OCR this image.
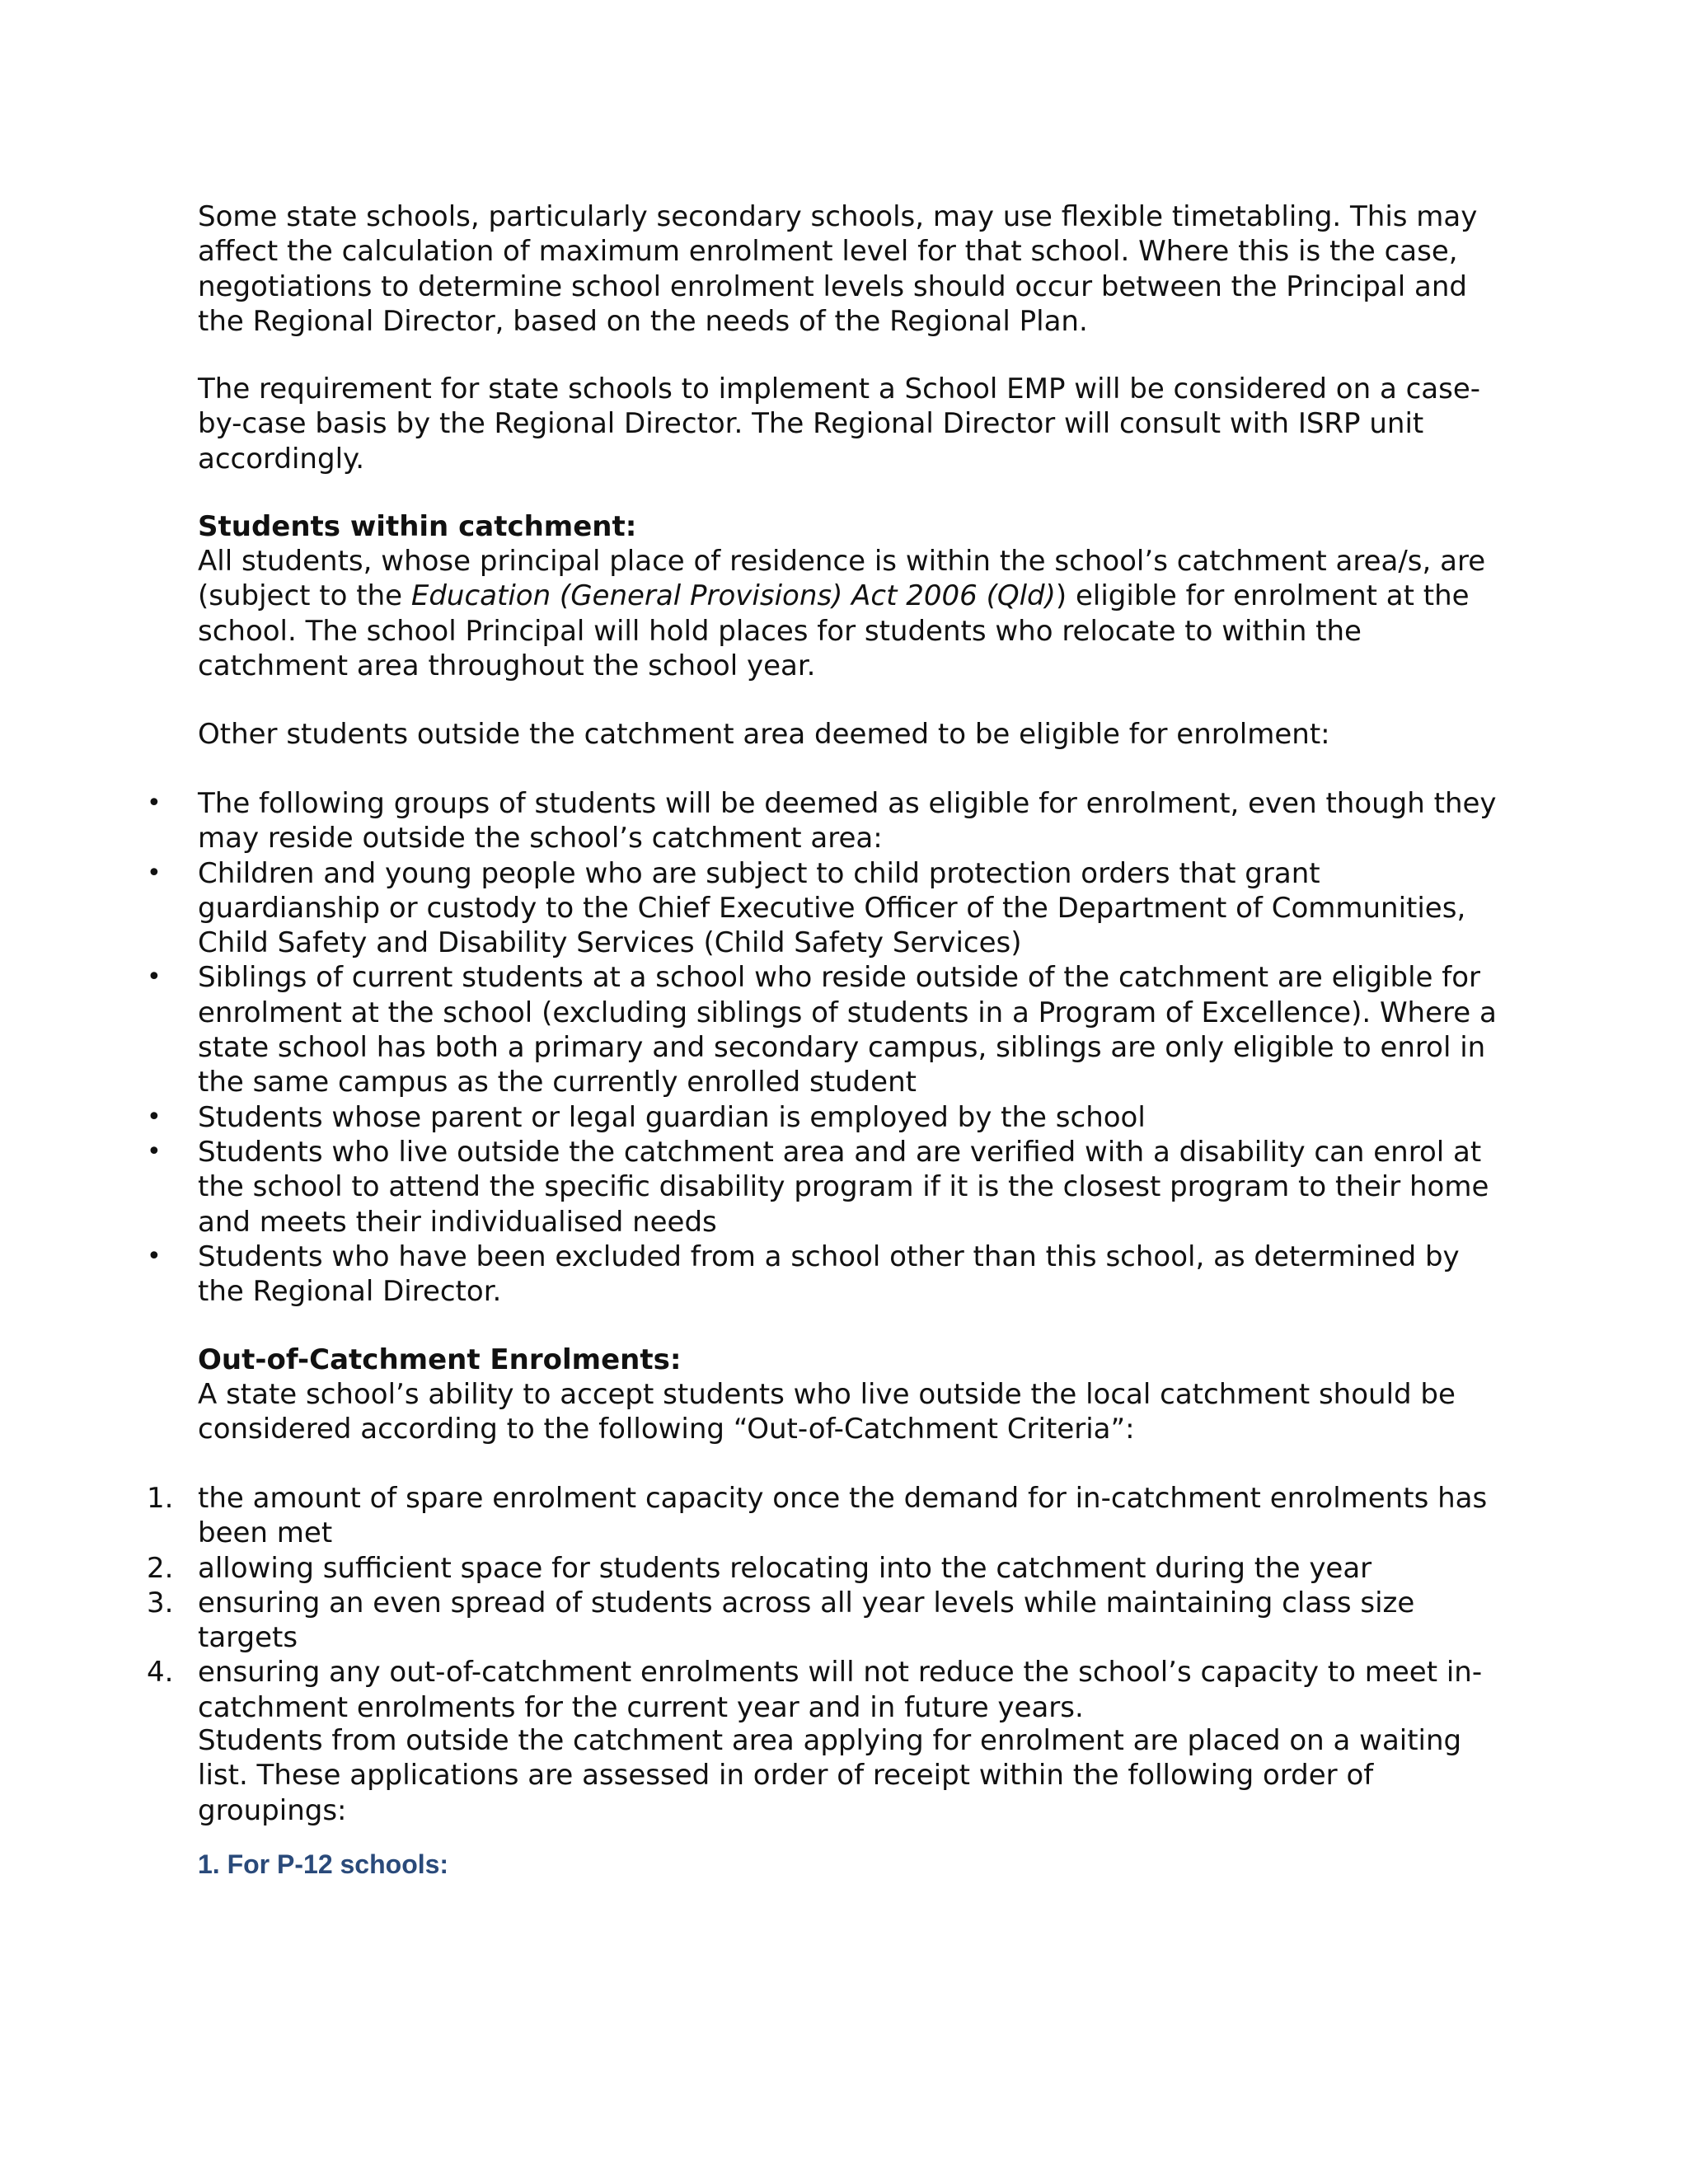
Some state schools, particularly secondary schools, may use flexible timetabling. This may affect the calculation of maximum enrolment level for that school. Where this is the case, negotiations to determine school enrolment levels should occur between the Principal and the Regional Director, based on the needs of the Regional Plan.

The requirement for state schools to implement a School EMP will be considered on a case-by-case basis by the Regional Director. The Regional Director will consult with ISRP unit accordingly.

Students within catchment:

All students, whose principal place of residence is within the school’s catchment area/s, are (subject to the Education (General Provisions) Act 2006 (Qld)) eligible for enrolment at the school. The school Principal will hold places for students who relocate to within the catchment area throughout the school year.

Other students outside the catchment area deemed to be eligible for enrolment:

• The following groups of students will be deemed as eligible for enrolment, even though they may reside outside the school’s catchment area:
• Children and young people who are subject to child protection orders that grant guardianship or custody to the Chief Executive Officer of the Department of Communities, Child Safety and Disability Services (Child Safety Services)
• Siblings of current students at a school who reside outside of the catchment are eligible for enrolment at the school (excluding siblings of students in a Program of Excellence). Where a state school has both a primary and secondary campus, siblings are only eligible to enrol in the same campus as the currently enrolled student
• Students whose parent or legal guardian is employed by the school
• Students who live outside the catchment area and are verified with a disability can enrol at the school to attend the specific disability program if it is the closest program to their home and meets their individualised needs
• Students who have been excluded from a school other than this school, as determined by the Regional Director.

Out-of-Catchment Enrolments:

A state school’s ability to accept students who live outside the local catchment should be considered according to the following “Out-of-Catchment Criteria”:

1. the amount of spare enrolment capacity once the demand for in-catchment enrolments has been met
2. allowing sufficient space for students relocating into the catchment during the year
3. ensuring an even spread of students across all year levels while maintaining class size targets
4. ensuring any out-of-catchment enrolments will not reduce the school’s capacity to meet in-catchment enrolments for the current year and in future years.

Students from outside the catchment area applying for enrolment are placed on a waiting list. These applications are assessed in order of receipt within the following order of groupings:

1. For P-12 schools:
